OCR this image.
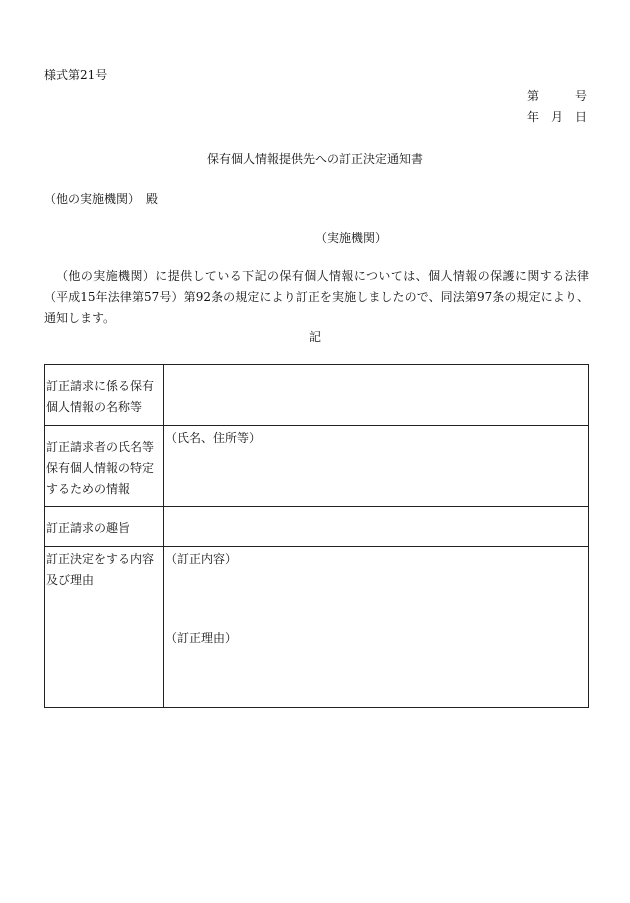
様式第21号
第　　　号
年　月　日
保有個人情報提供先への訂正決定通知書
（他の実施機関）　殿
（実施機関）
（他の実施機関）に提供している下記の保有個人情報については、個人情報の保護に関する法律（平成15年法律第57号）第92条の規定により訂正を実施しましたので、同法第97条の規定により、通知します。
記
訂正請求に係る保有個人情報の名称等	
訂正請求者の氏名等保有個人情報の特定するための情報	（氏名、住所等）
訂正請求の趣旨	
訂正決定をする内容及び理由	（訂正内容）
（訂正理由）
